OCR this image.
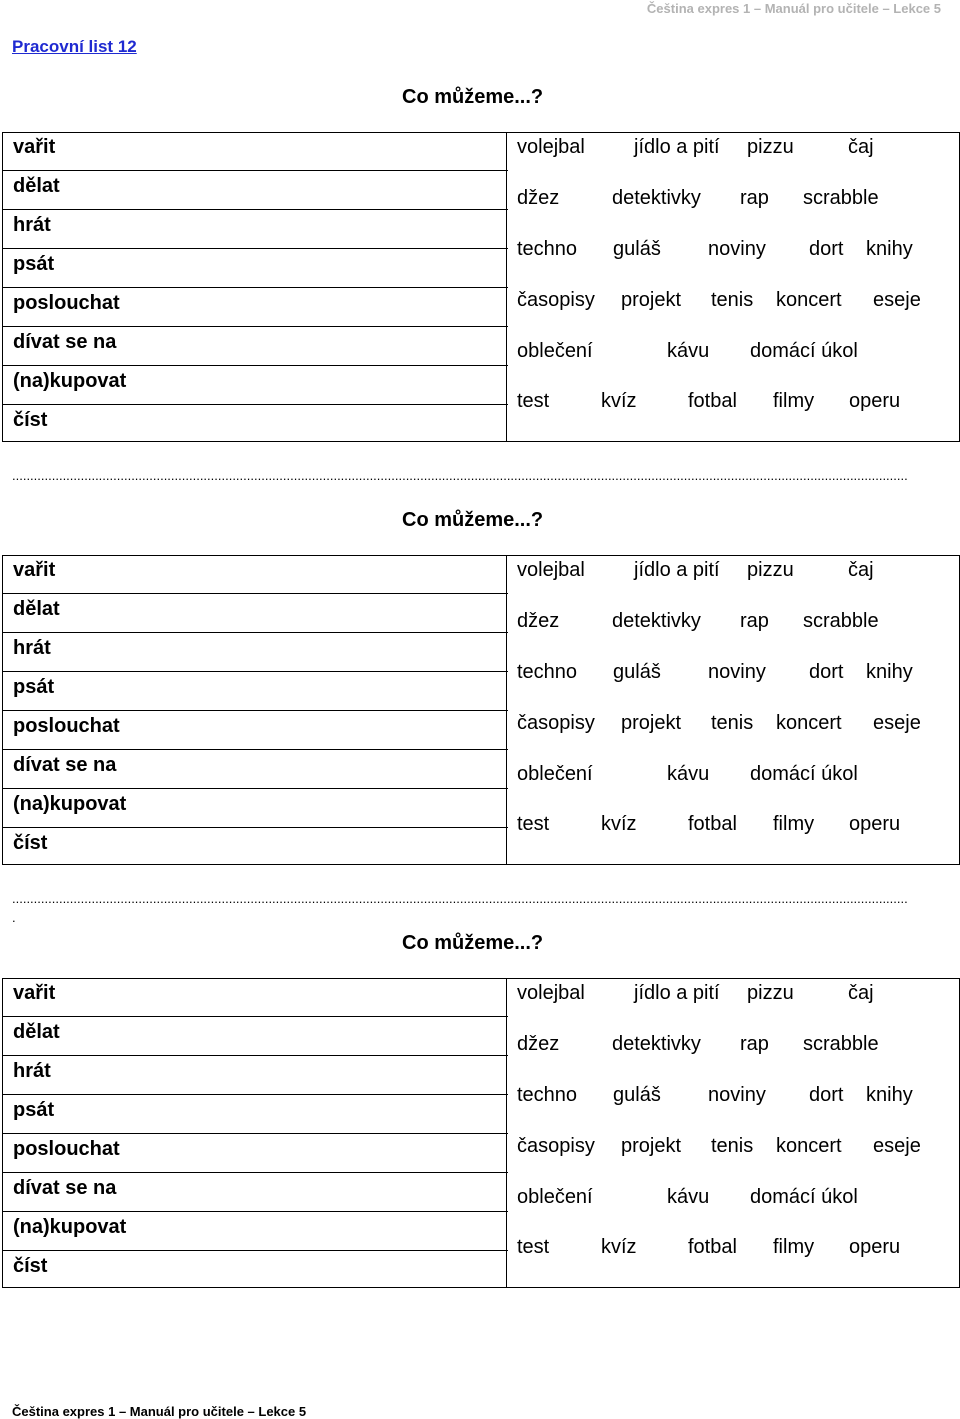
Čeština expres 1 – Manuál pro učitele – Lekce 5
Pracovní list 12
Co můžeme...?
vařit
dělat
hrát
psát
poslouchat
dívat se na
(na)kupovat
číst
volejbal jídlo a pití pizzu	čaj
džez	detektivky rap scrabble
techno guláš noviny dort knihy
časopisy projekt tenis koncert eseje
oblečení	kávu domácí úkol
test	kvíz	fotbal filmy operu
........................................................................................................................................................................................................................................................
Co můžeme...?
vařit
dělat
hrát
psát
poslouchat
dívat se na
(na)kupovat
číst
volejbal jídlo a pití pizzu	čaj
džez	detektivky rap scrabble
techno guláš noviny dort knihy
časopisy projekt tenis koncert eseje
oblečení	kávu domácí úkol
test	kvíz	fotbal filmy operu
........................................................................................................................................................................................................................................................
.
Co můžeme...?
vařit
dělat
hrát
psát
poslouchat
dívat se na
(na)kupovat
číst
volejbal jídlo a pití pizzu	čaj
džez	detektivky rap scrabble
techno guláš noviny dort knihy
časopisy projekt tenis koncert eseje
oblečení	kávu domácí úkol
test	kvíz	fotbal filmy operu
Čeština expres 1 – Manuál pro učitele – Lekce 5
